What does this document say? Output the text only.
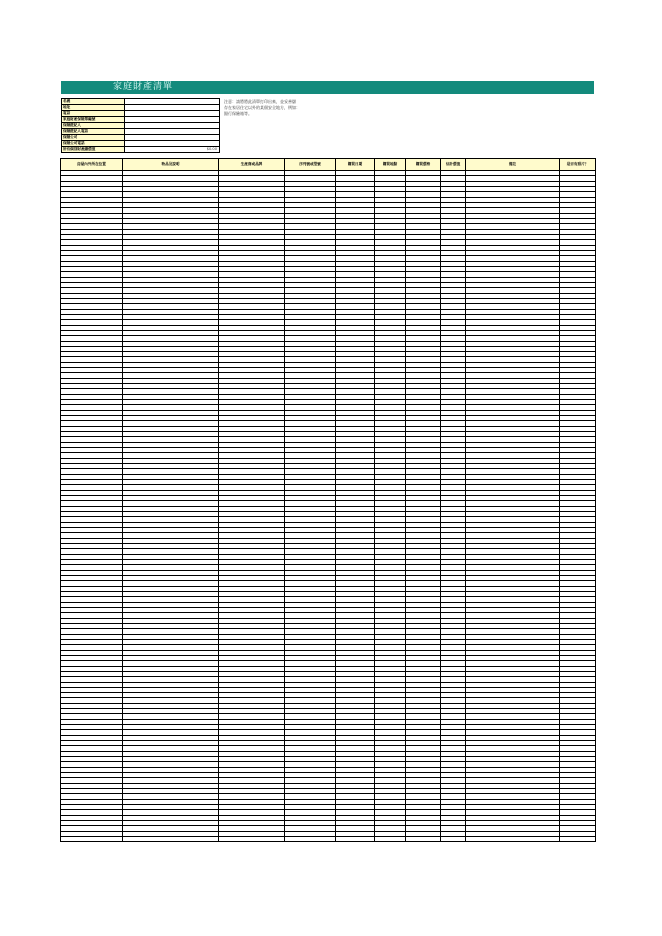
家庭財產清單
名義	

地址	

電話	

家庭財產保險單編號	

保險經紀人	

保險經紀人電話	

保險公司	

保險公司電話	

所有個別財產總價值	$0.00
注意：請將將此清單打印出來，並妥善儲
存在家居住宅以外的某個安全地方，例如：
銀行保險箱等。
房屋內外所在位置	物品及說明	生產商或品牌	序列號或型號	購買日期	購買地點	購買價格	估計價值	備註	是否有照片？
